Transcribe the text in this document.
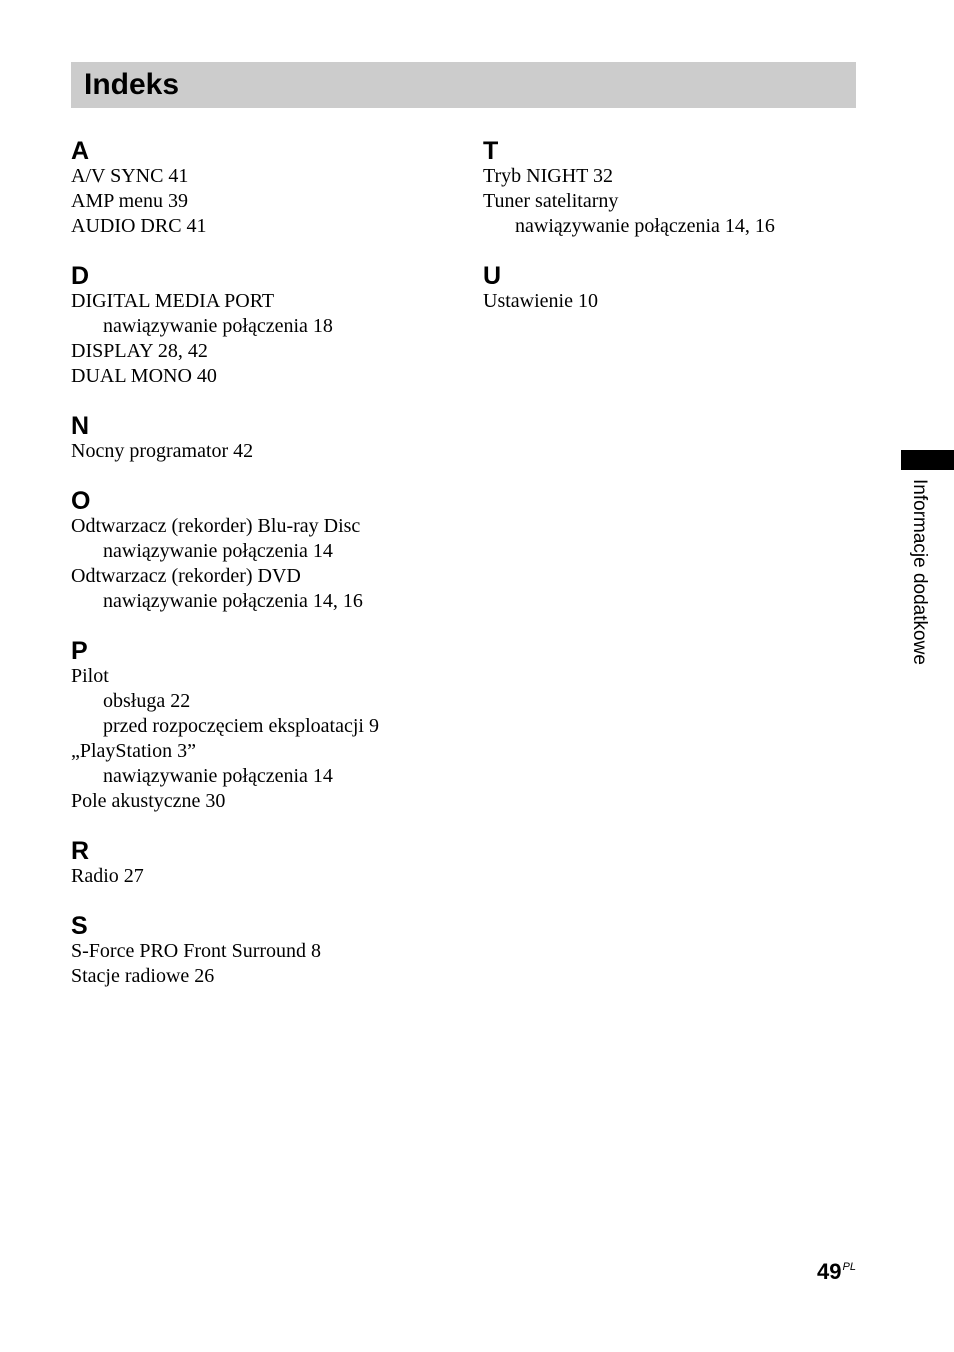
Indeks
A
A/V SYNC 41
AMP menu 39
AUDIO DRC 41
D
DIGITAL MEDIA PORT
nawiązywanie połączenia 18
DISPLAY 28, 42
DUAL MONO 40
N
Nocny programator 42
O
Odtwarzacz (rekorder) Blu-ray Disc
nawiązywanie połączenia 14
Odtwarzacz (rekorder) DVD
nawiązywanie połączenia 14, 16
P
Pilot
obsługa 22
przed rozpoczęciem eksploatacji 9
„PlayStation 3”
nawiązywanie połączenia 14
Pole akustyczne 30
R
Radio 27
S
S-Force PRO Front Surround 8
Stacje radiowe 26
T
Tryb NIGHT 32
Tuner satelitarny
nawiązywanie połączenia 14, 16
U
Ustawienie 10
Informacje dodatkowe
$49^{PL}$
